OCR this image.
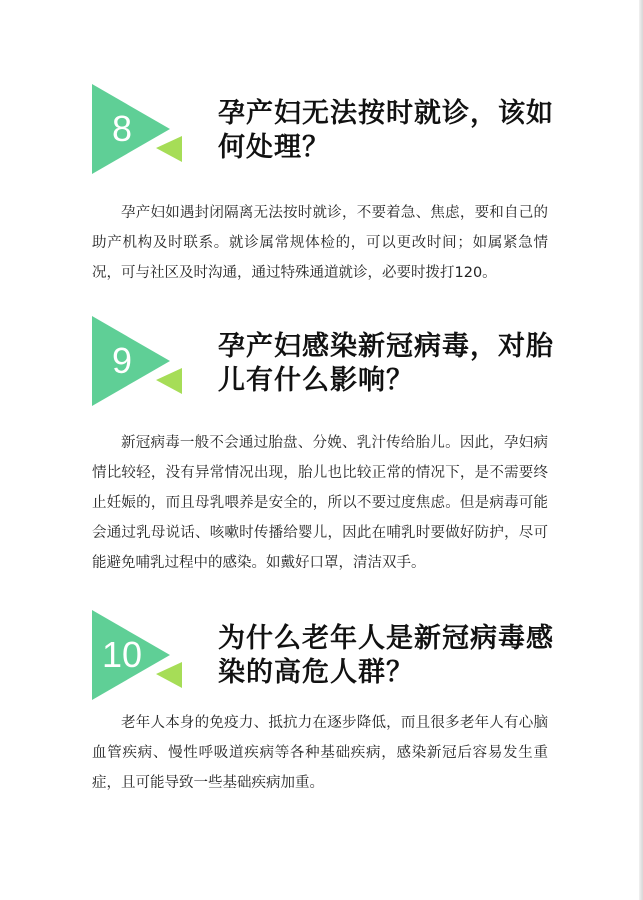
8	孕产妇无法按时就诊，该如
何处理？
孕产妇如遇封闭隔离无法按时就诊，不要着急、焦虑，要和自己的助产机构及时联系。就诊属常规体检的，可以更改时间；如属紧急情况，可与社区及时沟通，通过特殊通道就诊，必要时拨打120。
9	孕产妇感染新冠病毒，对胎
儿有什么影响？
新冠病毒一般不会通过胎盘、分娩、乳汁传给胎儿。因此，孕妇病情比较轻，没有异常情况出现，胎儿也比较正常的情况下，是不需要终止妊娠的，而且母乳喂养是安全的，所以不要过度焦虑。但是病毒可能会通过乳母说话、咳嗽时传播给婴儿，因此在哺乳时要做好防护，尽可能避免哺乳过程中的感染。如戴好口罩，清洁双手。
10	为什么老年人是新冠病毒感
染的高危人群？
老年人本身的免疫力、抵抗力在逐步降低，而且很多老年人有心脑血管疾病、慢性呼吸道疾病等各种基础疾病，感染新冠后容易发生重症，且可能导致一些基础疾病加重。
